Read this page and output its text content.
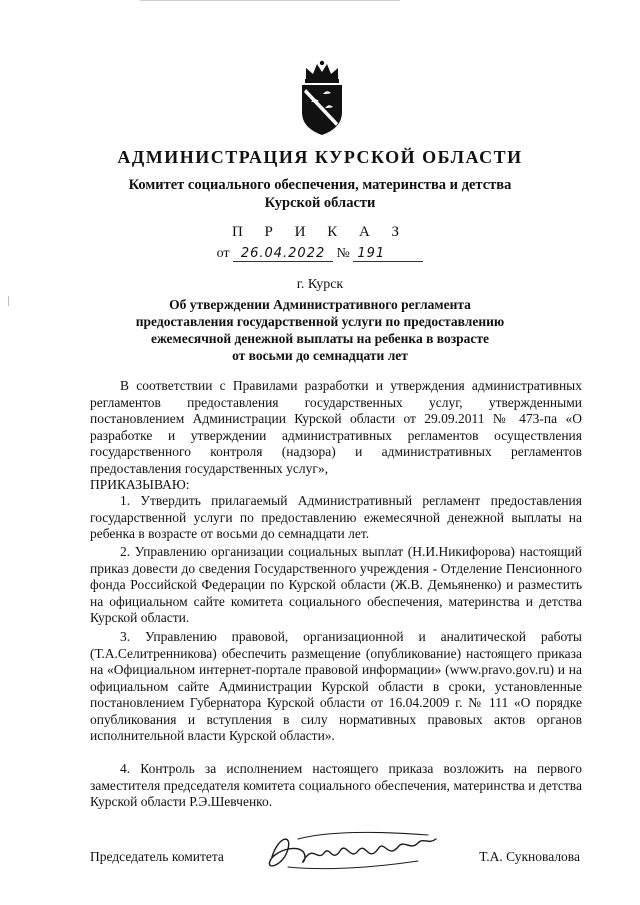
АДМИНИСТРАЦИЯ КУРСКОЙ ОБЛАСТИ
Комитет социального обеспечения, материнства и детства
Курской области
П Р И К А З
от 26.04.2022 № 191
г. Курск
Об утверждении Административного регламента
предоставления государственной услуги по предоставлению
ежемесячной денежной выплаты на ребенка в возрасте
от восьми до семнадцати лет

В соответствии с Правилами разработки и утверждения административных регламентов предоставления государственных услуг, утвержденными постановлением Администрации Курской области от 29.09.2011 № 473-па «О разработке и утверждении административных регламентов осуществления государственного контроля (надзора) и административных регламентов предоставления государственных услуг»,

ПРИКАЗЫВАЮ:

1. Утвердить прилагаемый Административный регламент предоставления государственной услуги по предоставлению ежемесячной денежной выплаты на ребенка в возрасте от восьми до семнадцати лет.

2. Управлению организации социальных выплат (Н.И.Никифорова) настоящий приказ довести до сведения Государственного учреждения - Отделение Пенсионного фонда Российской Федерации по Курской области (Ж.В. Демьяненко) и разместить на официальном сайте комитета социального обеспечения, материнства и детства Курской области.

3. Управлению правовой, организационной и аналитической работы (Т.А.Селитренникова) обеспечить размещение (опубликование) настоящего приказа на «Официальном интернет-портале правовой информации» (www.pravo.gov.ru) и на официальном сайте Администрации Курской области в сроки, установленные постановлением Губернатора Курской области от 16.04.2009 г. № 111 «О порядке опубликования и вступления в силу нормативных правовых актов органов исполнительной власти Курской области».

4. Контроль за исполнением настоящего приказа возложить на первого заместителя председателя комитета социального обеспечения, материнства и детства Курской области Р.Э.Шевченко.

Председатель комитета	Т.А. Сукновалова
